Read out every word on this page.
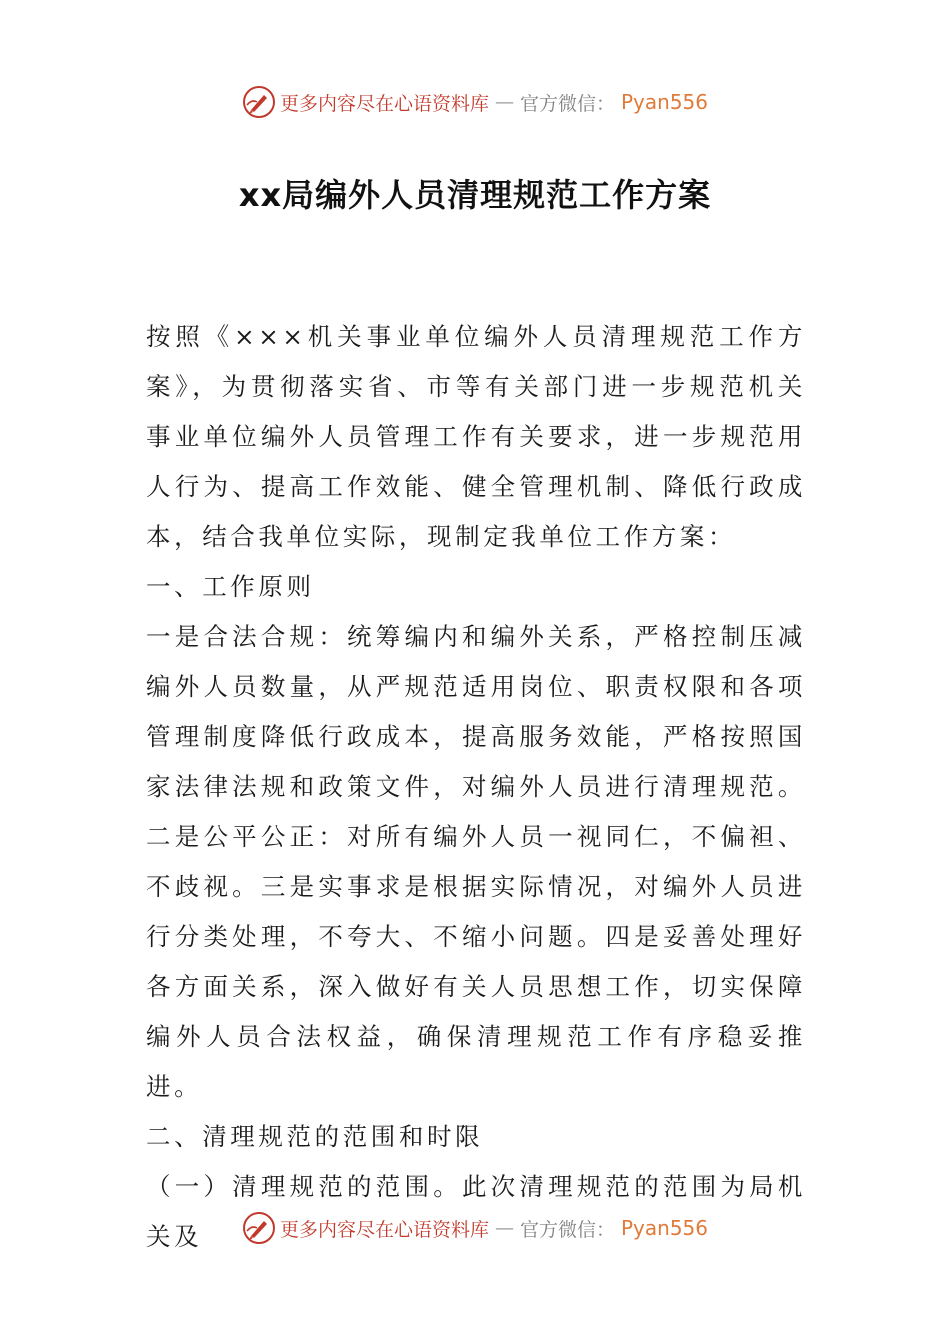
更多内容尽在心语资料库 — 官方微信： Pyan556
xx局编外人员清理规范工作方案

按照《×××机关事业单位编外人员清理规范工作方案》，为贯彻落实省、市等有关部门进一步规范机关事业单位编外人员管理工作有关要求，进一步规范用人行为、提高工作效能、健全管理机制、降低行政成本，结合我单位实际，现制定我单位工作方案：

一、工作原则

一是合法合规：统筹编内和编外关系，严格控制压减编外人员数量，从严规范适用岗位、职责权限和各项管理制度降低行政成本，提高服务效能，严格按照国家法律法规和政策文件，对编外人员进行清理规范。二是公平公正：对所有编外人员一视同仁，不偏袒、不歧视。三是实事求是根据实际情况，对编外人员进行分类处理，不夸大、不缩小问题。四是妥善处理好各方面关系，深入做好有关人员思想工作，切实保障编外人员合法权益，确保清理规范工作有序稳妥推进。

二、清理规范的范围和时限

（一）清理规范的范围。此次清理规范的范围为局机关及	更多内容尽在心语资料库 — 官方微信： Pyan556
